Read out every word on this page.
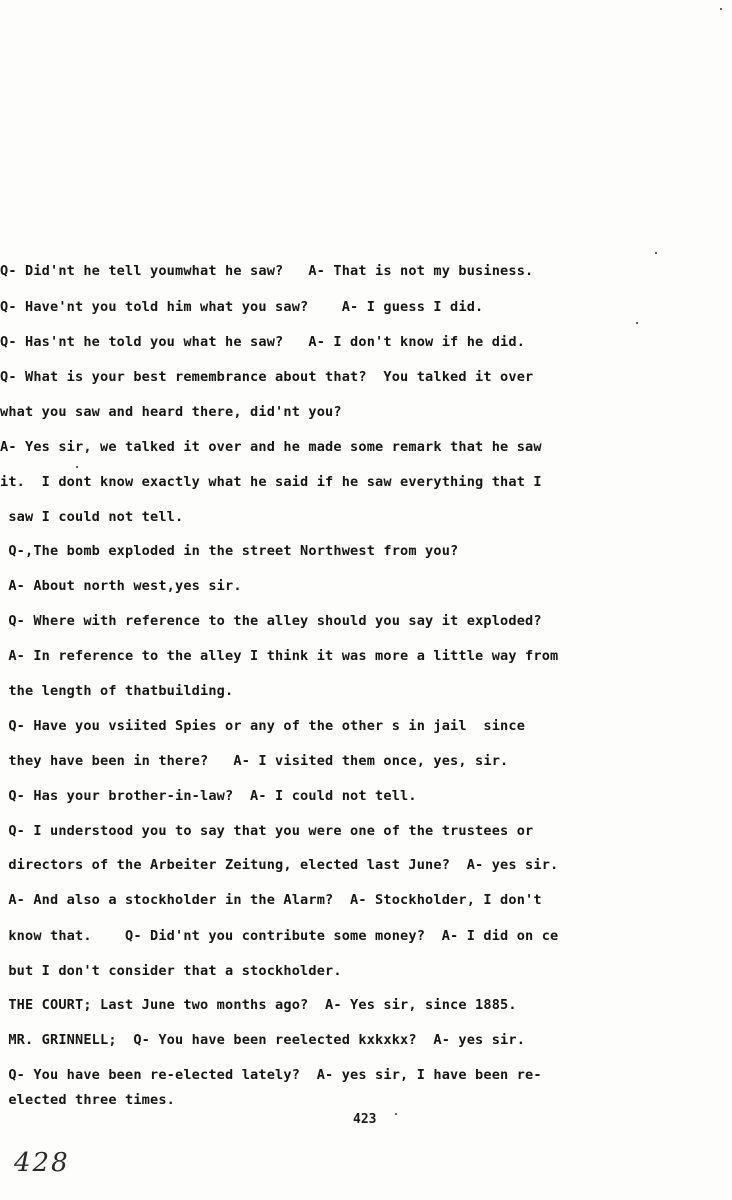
Q- Did'nt he tell youmwhat he saw?   A- That is not my business.
Q- Have'nt you told him what you saw?    A- I guess I did.
Q- Has'nt he told you what he saw?   A- I don't know if he did.
Q- What is your best remembrance about that?  You talked it over
what you saw and heard there, did'nt you?
A- Yes sir, we talked it over and he made some remark that he saw
it.  I dont know exactly what he said if he saw everything that I
saw I could not tell.
Q-,The bomb exploded in the street Northwest from you?
A- About north west,yes sir.
Q- Where with reference to the alley should you say it exploded?
A- In reference to the alley I think it was more a little way from
the length of thatbuilding.
Q- Have you vsiited Spies or any of the other s in jail  since
they have been in there?   A- I visited them once, yes, sir.
Q- Has your brother-in-law?  A- I could not tell.
Q- I understood you to say that you were one of the trustees or
directors of the Arbeiter Zeitung, elected last June?  A- yes sir.
A- And also a stockholder in the Alarm?  A- Stockholder, I don't
know that.    Q- Did'nt you contribute some money?  A- I did on ce
but I don't consider that a stockholder.
THE COURT; Last June two months ago?  A- Yes sir, since 1885.
MR. GRINNELL;  Q- You have been reelected kxkxkx?  A- yes sir.
Q- You have been re-elected lately?  A- yes sir, I have been re-
elected three times.
423
428
